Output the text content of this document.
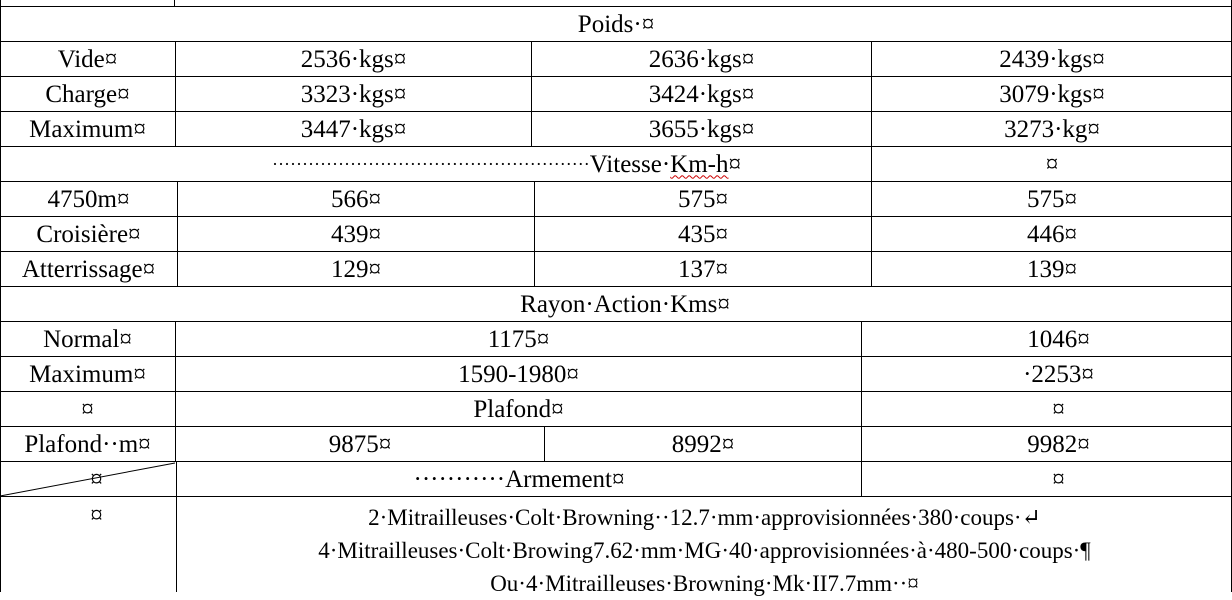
Poids·¤
Vide¤	2536·kgs¤	2636·kgs¤	2439·kgs¤
Charge¤	3323·kgs¤	3424·kgs¤	3079·kgs¤
Maximum¤	3447·kgs¤	3655·kgs¤	3273·kg¤
····················································· Vitesse· Km-h ¤	¤
4750m¤	566¤	575¤	575¤
Croisière¤	439¤	435¤	446¤
Atterrissage¤	129¤	137¤	139¤
Rayon·Action·Kms¤
Normal¤	1175¤	1046¤
Maximum¤	1590-1980¤	·2253¤
¤	Plafond¤	¤
Plafond··m¤	9875¤	8992¤	9982¤
¤	···········Armement¤	¤
¤	2·Mitrailleuses·Colt·Browning··12.7·mm·approvisionnées·380·coups·↵
4·Mitrailleuses·Colt·Browing7.62·mm·MG·40·approvisionnées·à·480-500·coups·¶
Ou·4·Mitrailleuses·Browning·Mk·II7.7mm··¤
